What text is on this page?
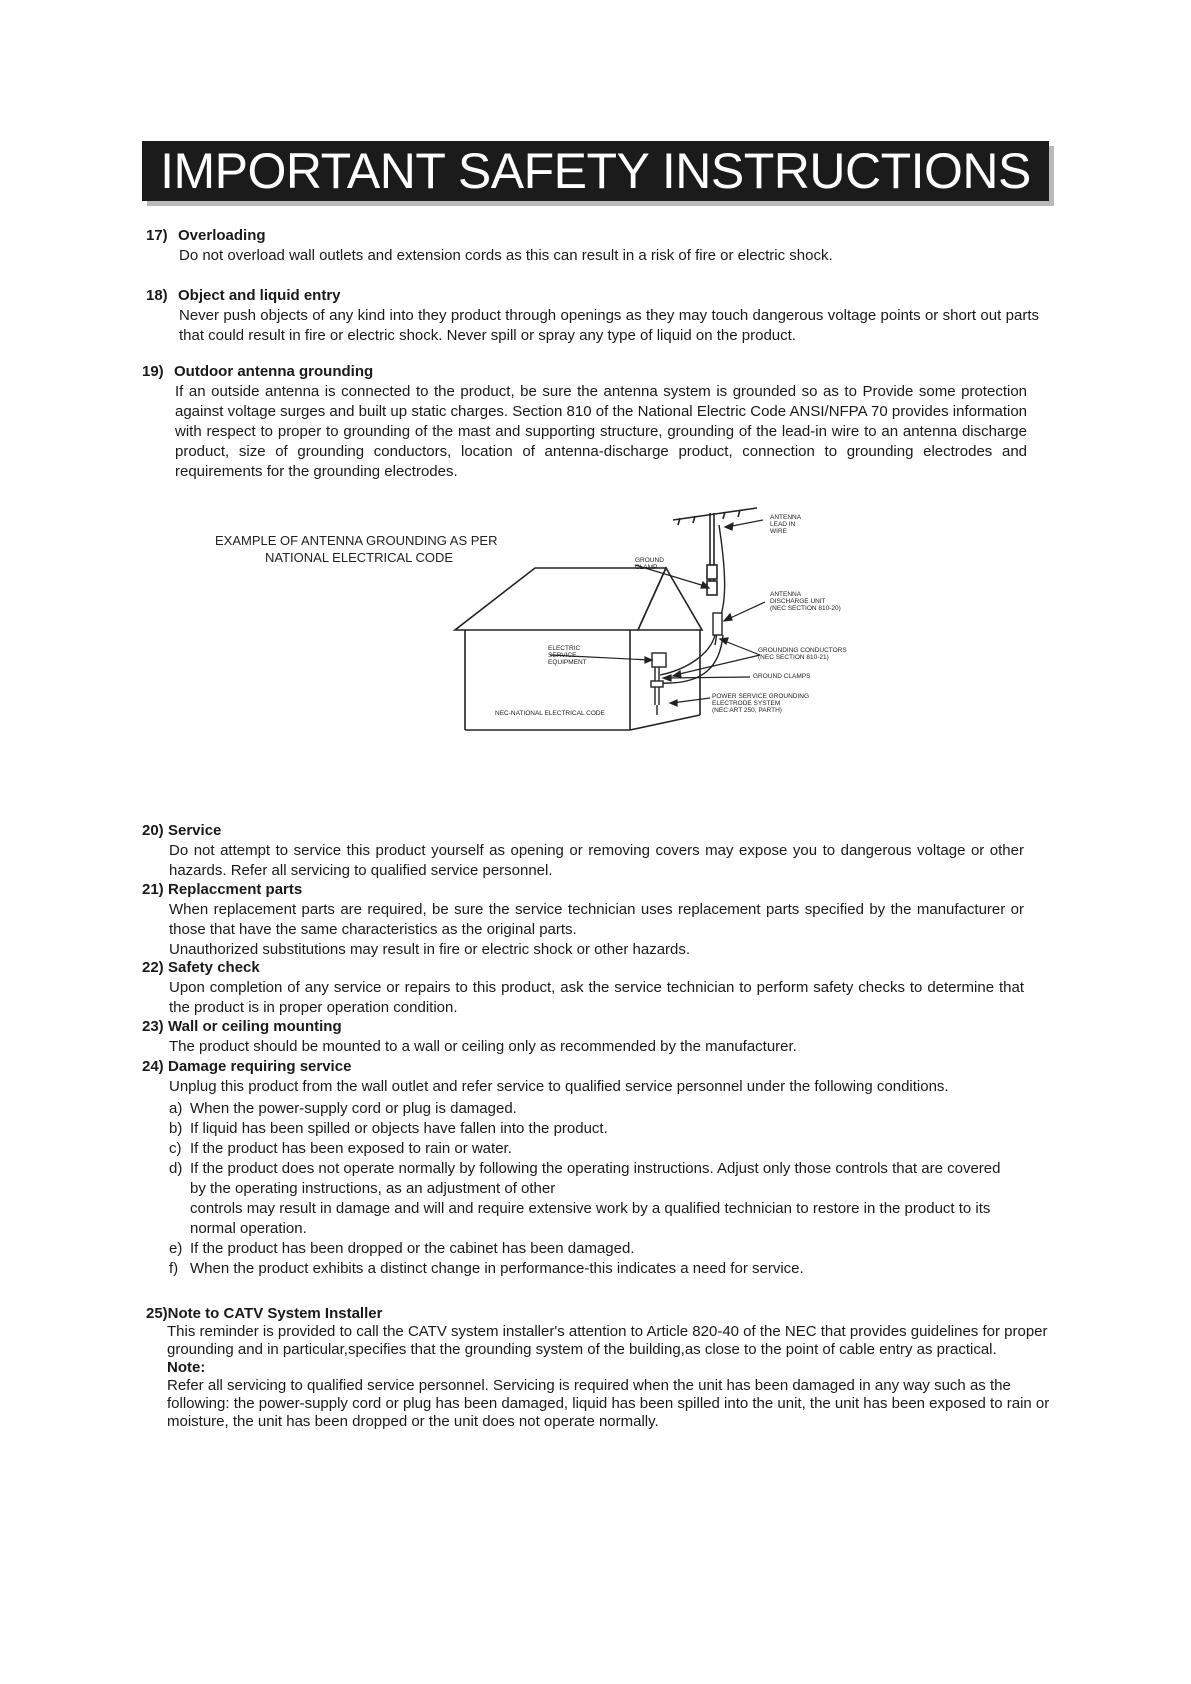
IMPORTANT SAFETY INSTRUCTIONS
17) Overloading

Do not overload wall outlets and extension cords as this can result in a risk of fire or electric shock.

18) Object and liquid entry

Never push objects of any kind into they product through openings as they may touch dangerous voltage points or short out parts that could result in fire or electric shock. Never spill or spray any type of liquid on the product.

19) Outdoor antenna grounding

If an outside antenna is connected to the product, be sure the antenna system is grounded so as to Provide some protection against voltage surges and built up static charges. Section 810 of the National Electric Code ANSI/NFPA 70 provides information with respect to proper to grounding of the mast and supporting structure, grounding of the lead-in wire to an antenna discharge product, size of grounding conductors, location of antenna-discharge product, connection to grounding electrodes and requirements for the grounding electrodes.

EXAMPLE OF ANTENNA GROUNDING AS PER
NATIONAL ELECTRICAL CODE
ANTENNA
LEAD IN
WIRE
GROUND
CLAMP
ANTENNA
DISCHARGE UNIT
(NEC SECTION 810-20)
ELECTRIC
SERVICE
EQUIPMENT
GROUNDING CONDUCTORS
(NEC SECTION 810-21)
GROUND CLAMPS
POWER SERVICE GROUNDING
ELECTRODE SYSTEM
(NEC ART 250, PARTH)
NEC-NATIONAL ELECTRICAL CODE
20) Service

Do not attempt to service this product yourself as opening or removing covers may expose you to dangerous voltage or other hazards. Refer all servicing to qualified service personnel.

21) Replaccment parts

When replacement parts are required, be sure the service technician uses replacement parts specified by the manufacturer or those that have the same characteristics as the original parts.

Unauthorized substitutions may result in fire or electric shock or other hazards.

22) Safety check

Upon completion of any service or repairs to this product, ask the service technician to perform safety checks to determine that the product is in proper operation condition.

23) Wall or ceiling mounting

The product should be mounted to a wall or ceiling only as recommended by the manufacturer.

24) Damage requiring service

Unplug this product from the wall outlet and refer service to qualified service personnel under the following conditions.

a) When the power-supply cord or plug is damaged.
b) If liquid has been spilled or objects have fallen into the product.
c) If the product has been exposed to rain or water.
d) If the product does not operate normally by following the operating instructions. Adjust only those controls that are covered by the operating instructions, as an adjustment of other
controls may result in damage and will and require extensive work by a qualified technician to restore in the product to its normal operation.
e) If the product has been dropped or the cabinet has been damaged.
f) When the product exhibits a distinct change in performance-this indicates a need for service.
25)Note to CATV System Installer

This reminder is provided to call the CATV system installer's attention to Article 820-40 of the NEC that provides guidelines for proper grounding and in particular,specifies that the grounding system of the building,as close to the point of cable entry as practical.

Note:

Refer all servicing to qualified service personnel. Servicing is required when the unit has been damaged in any way such as the following: the power-supply cord or plug has been damaged, liquid has been spilled into the unit, the unit has been exposed to rain or moisture, the unit has been dropped or the unit does not operate normally.
